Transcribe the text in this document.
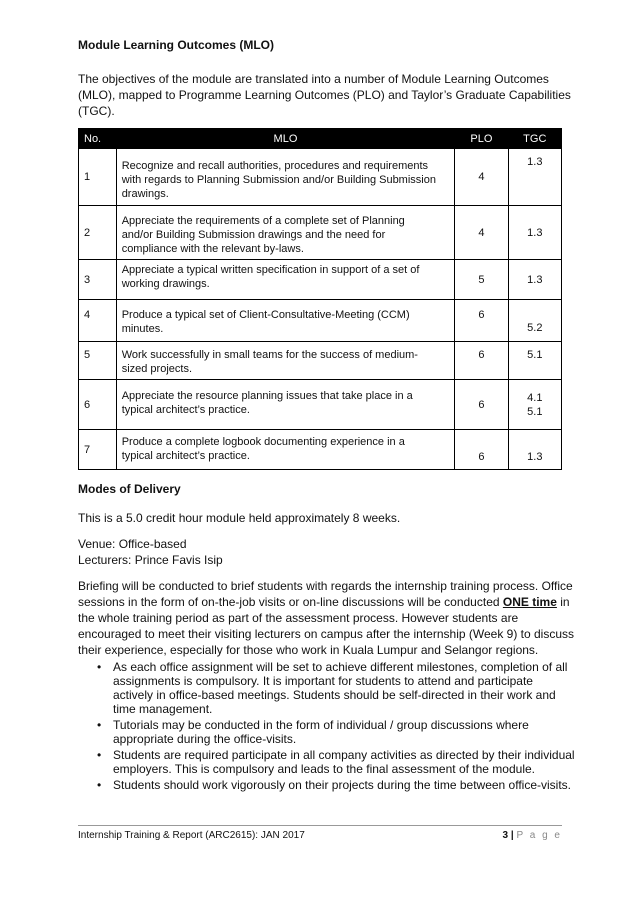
Module Learning Outcomes (MLO)
The objectives of the module are translated into a number of Module Learning Outcomes
(MLO), mapped to Programme Learning Outcomes (PLO) and Taylor’s Graduate Capabilities
(TGC).
No.	MLO	PLO	TGC
1	Recognize and recall authorities, procedures and requirements
with regards to Planning Submission and/or Building Submission
drawings.	4	1.3

2	Appreciate the requirements of a complete set of Planning
and/or Building Submission drawings and the need for
compliance with the relevant by-laws.	4	1.3

3	Appreciate a typical written specification in support of a set of
working drawings.	5	1.3

4	Produce a typical set of Client-Consultative-Meeting (CCM)
minutes.	6	5.2

5	Work successfully in small teams for the success of medium-
sized projects.	6	5.1

6	Appreciate the resource planning issues that take place in a
typical architect’s practice.	6	4.1
5.1

7	Produce a complete logbook documenting experience in a
typical architect’s practice.	6	1.3
Modes of Delivery
This is a 5.0 credit hour module held approximately 8 weeks.
Venue: Office-based
Lecturers: Prince Favis Isip
Briefing will be conducted to brief students with regards the internship training process. Office
sessions in the form of on-the-job visits or on-line discussions will be conducted ONE time in
the whole training period as part of the assessment process. However students are
encouraged to meet their visiting lecturers on campus after the internship (Week 9) to discuss
their experience, especially for those who work in Kuala Lumpur and Selangor regions.
• As each office assignment will be set to achieve different milestones, completion of all
assignments is compulsory. It is important for students to attend and participate
actively in office-based meetings. Students should be self-directed in their work and
time management.
• Tutorials may be conducted in the form of individual / group discussions where
appropriate during the office-visits.
• Students are required participate in all company activities as directed by their individual
employers. This is compulsory and leads to the final assessment of the module.
• Students should work vigorously on their projects during the time between office-visits.
Internship Training & Report (ARC2615): JAN 2017	3 | P a g e
